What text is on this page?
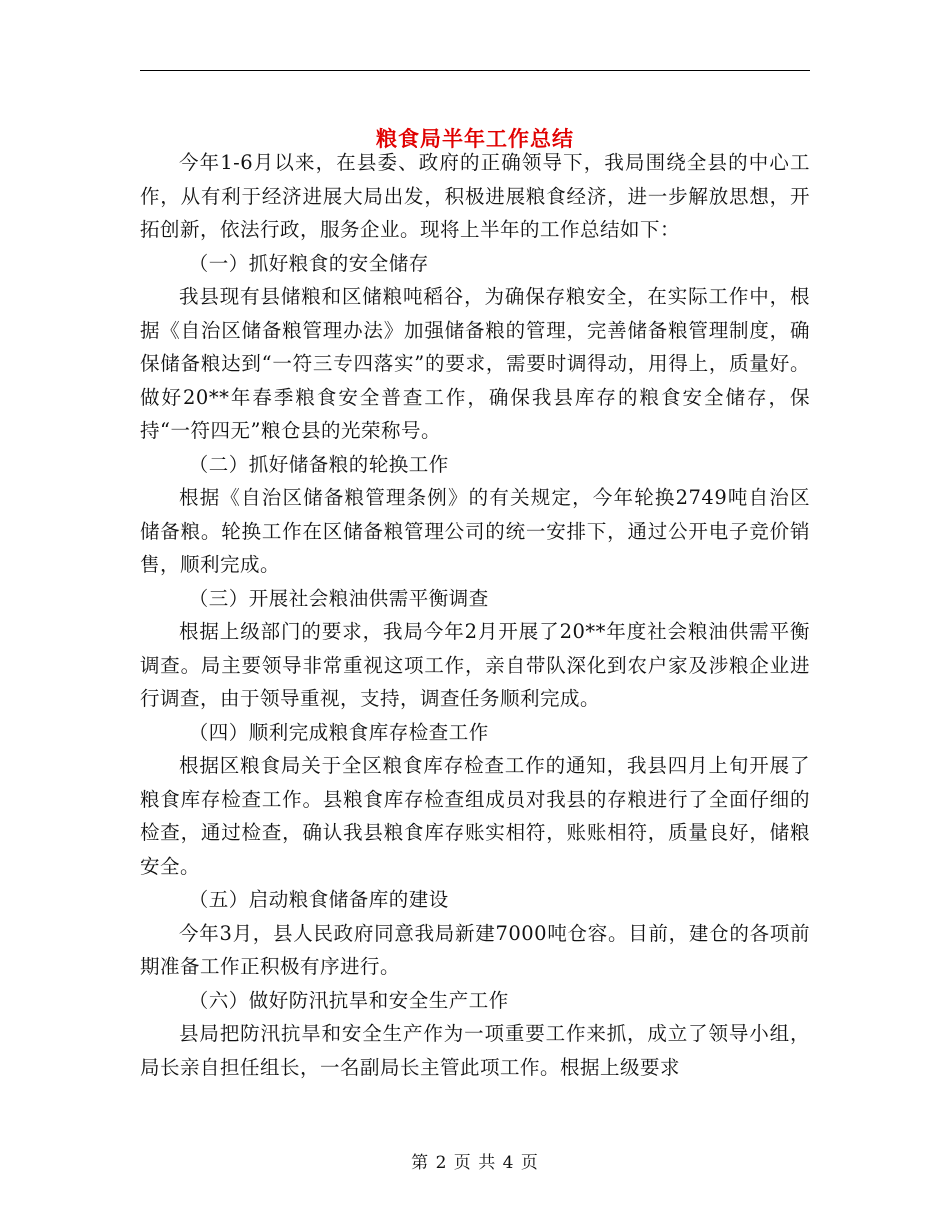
粮食局半年工作总结

今年1-6月以来，在县委、政府的正确领导下，我局围绕全县的中心工作，从有利于经济进展大局出发，积极进展粮食经济，进一步解放思想，开拓创新，依法行政，服务企业。现将上半年的工作总结如下：

（一）抓好粮食的安全储存

我县现有县储粮和区储粮吨稻谷，为确保存粮安全，在实际工作中，根据《自治区储备粮管理办法》加强储备粮的管理，完善储备粮管理制度，确保储备粮达到“一符三专四落实”的要求，需要时调得动，用得上，质量好。做好20**年春季粮食安全普查工作，确保我县库存的粮食安全储存，保持“一符四无”粮仓县的光荣称号。

（二）抓好储备粮的轮换工作

根据《自治区储备粮管理条例》的有关规定，今年轮换2749吨自治区储备粮。轮换工作在区储备粮管理公司的统一安排下，通过公开电子竞价销售，顺利完成。

（三）开展社会粮油供需平衡调查

根据上级部门的要求，我局今年2月开展了20**年度社会粮油供需平衡调查。局主要领导非常重视这项工作，亲自带队深化到农户家及涉粮企业进行调查，由于领导重视，支持，调查任务顺利完成。

（四）顺利完成粮食库存检查工作

根据区粮食局关于全区粮食库存检查工作的通知，我县四月上旬开展了粮食库存检查工作。县粮食库存检查组成员对我县的存粮进行了全面仔细的检查，通过检查，确认我县粮食库存账实相符，账账相符，质量良好，储粮安全。

（五）启动粮食储备库的建设

今年3月，县人民政府同意我局新建7000吨仓容。目前，建仓的各项前期准备工作正积极有序进行。

（六）做好防汛抗旱和安全生产工作

县局把防汛抗旱和安全生产作为一项重要工作来抓，成立了领导小组，局长亲自担任组长，一名副局长主管此项工作。根据上级要求

第 2 页 共 4 页
